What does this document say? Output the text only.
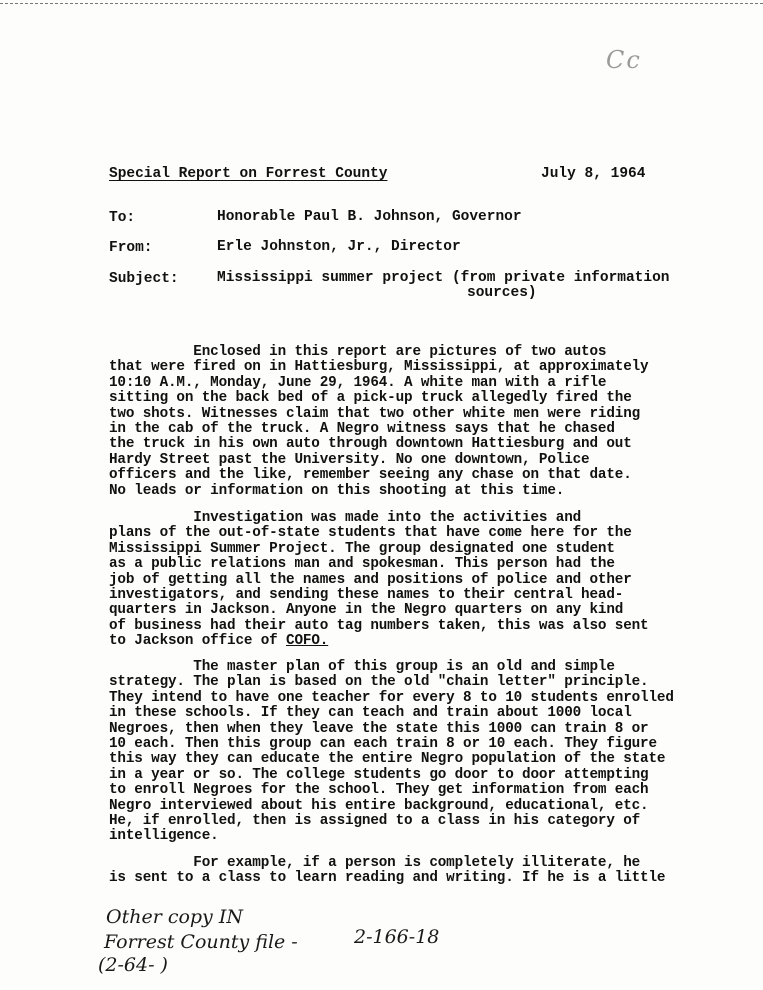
Cc
Special Report on Forrest County	July 8, 1964
To:	Honorable Paul B. Johnson, Governor
From:	Erle Johnston, Jr., Director
Subject:	Mississippi summer project (from private information
sources)
Enclosed in this report are pictures of two autos
that were fired on in Hattiesburg, Mississippi, at approximately
10:10 A.M., Monday, June 29, 1964. A white man with a rifle
sitting on the back bed of a pick-up truck allegedly fired the
two shots. Witnesses claim that two other white men were riding
in the cab of the truck. A Negro witness says that he chased
the truck in his own auto through downtown Hattiesburg and out
Hardy Street past the University. No one downtown, Police
officers and the like, remember seeing any chase on that date.
No leads or information on this shooting at this time.
Investigation was made into the activities and
plans of the out-of-state students that have come here for the
Mississippi Summer Project. The group designated one student
as a public relations man and spokesman. This person had the
job of getting all the names and positions of police and other
investigators, and sending these names to their central head-
quarters in Jackson. Anyone in the Negro quarters on any kind
of business had their auto tag numbers taken, this was also sent
to Jackson office of COFO.
The master plan of this group is an old and simple
strategy. The plan is based on the old "chain letter" principle.
They intend to have one teacher for every 8 to 10 students enrolled
in these schools. If they can teach and train about 1000 local
Negroes, then when they leave the state this 1000 can train 8 or
10 each. Then this group can each train 8 or 10 each. They figure
this way they can educate the entire Negro population of the state
in a year or so. The college students go door to door attempting
to enroll Negroes for the school. They get information from each
Negro interviewed about his entire background, educational, etc.
He, if enrolled, then is assigned to a class in his category of
intelligence.
For example, if a person is completely illiterate, he
is sent to a class to learn reading and writing. If he is a little
Other copy IN
Forrest County file -
(2-64- )
2-166-18
